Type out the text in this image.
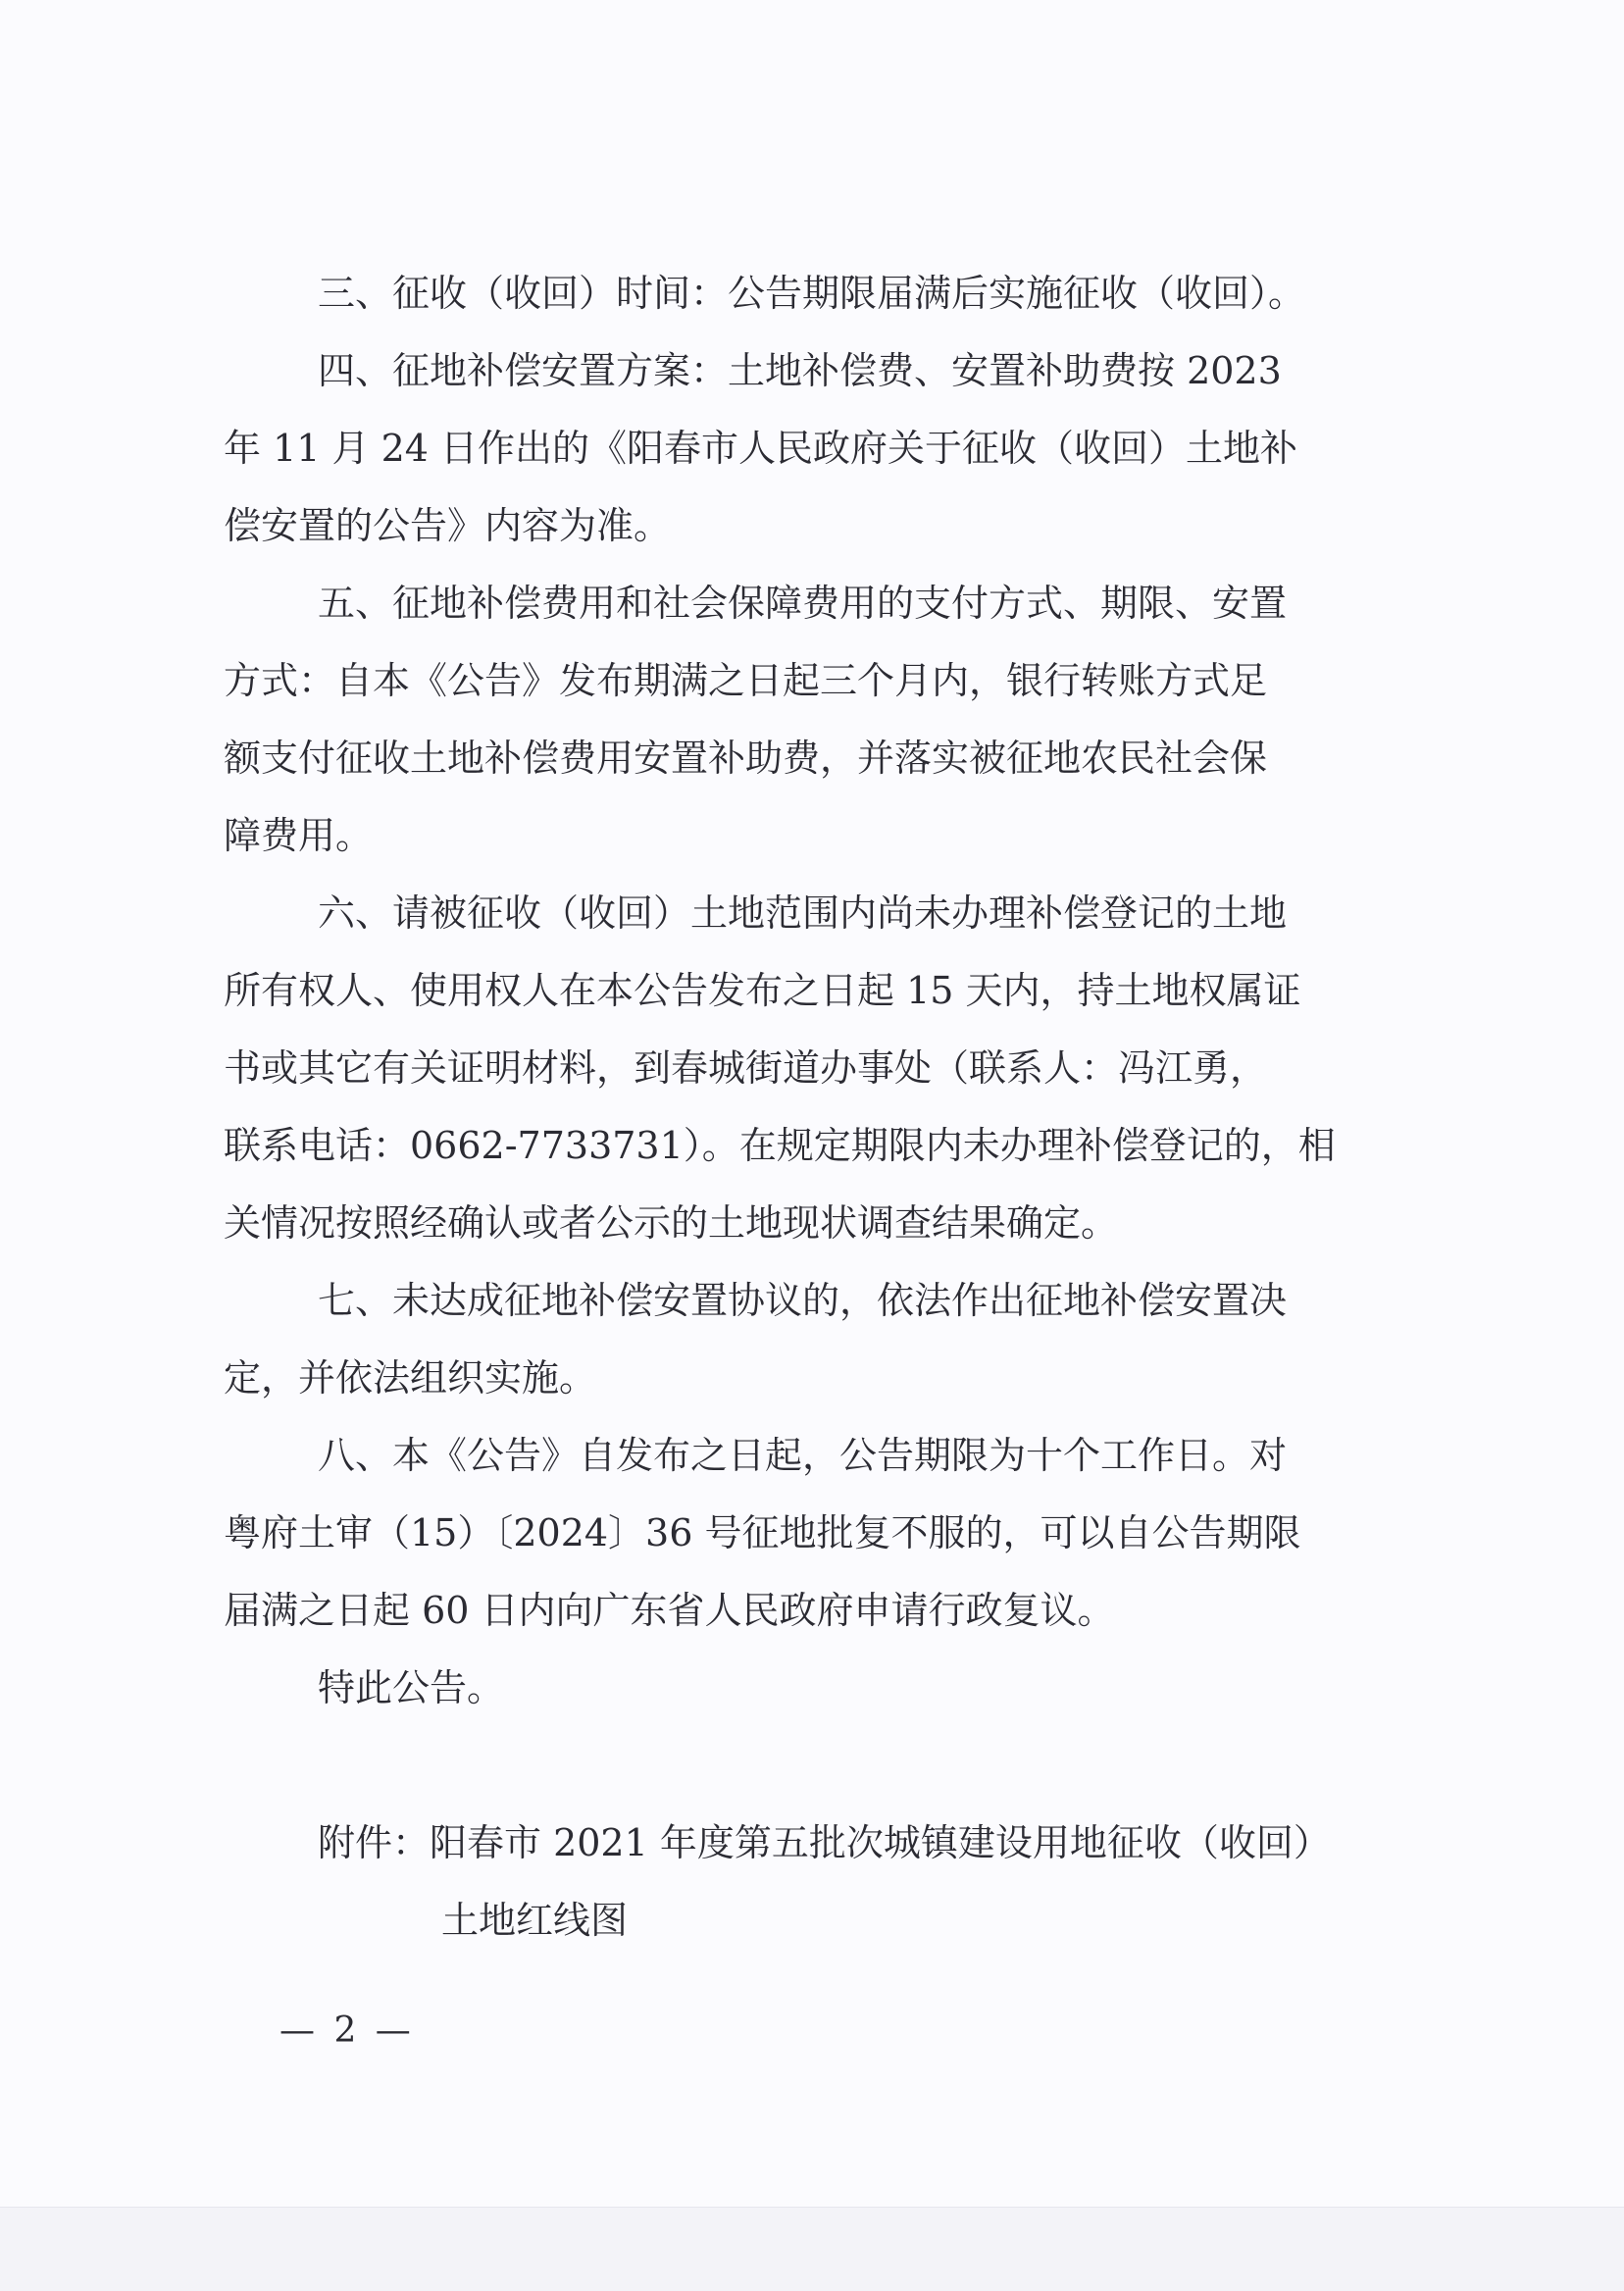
三、征收（收回）时间：公告期限届满后实施征收（收回）。
四、征地补偿安置方案：土地补偿费、安置补助费按 2023
年 11 月 24 日作出的《阳春市人民政府关于征收（收回）土地补
偿安置的公告》内容为准。
五、征地补偿费用和社会保障费用的支付方式、期限、安置
方式：自本《公告》发布期满之日起三个月内，银行转账方式足
额支付征收土地补偿费用安置补助费，并落实被征地农民社会保
障费用。
六、请被征收（收回）土地范围内尚未办理补偿登记的土地
所有权人、使用权人在本公告发布之日起 15 天内，持土地权属证
书或其它有关证明材料，到春城街道办事处（联系人：冯江勇，
联系电话：0662-7733731）。在规定期限内未办理补偿登记的，相
关情况按照经确认或者公示的土地现状调查结果确定。
七、未达成征地补偿安置协议的，依法作出征地补偿安置决
定，并依法组织实施。
八、本《公告》自发布之日起，公告期限为十个工作日。对
粤府土审（15）〔2024〕36 号征地批复不服的，可以自公告期限
届满之日起 60 日内向广东省人民政府申请行政复议。
特此公告。
附件：阳春市 2021 年度第五批次城镇建设用地征收（收回）
土地红线图
— 2 —
